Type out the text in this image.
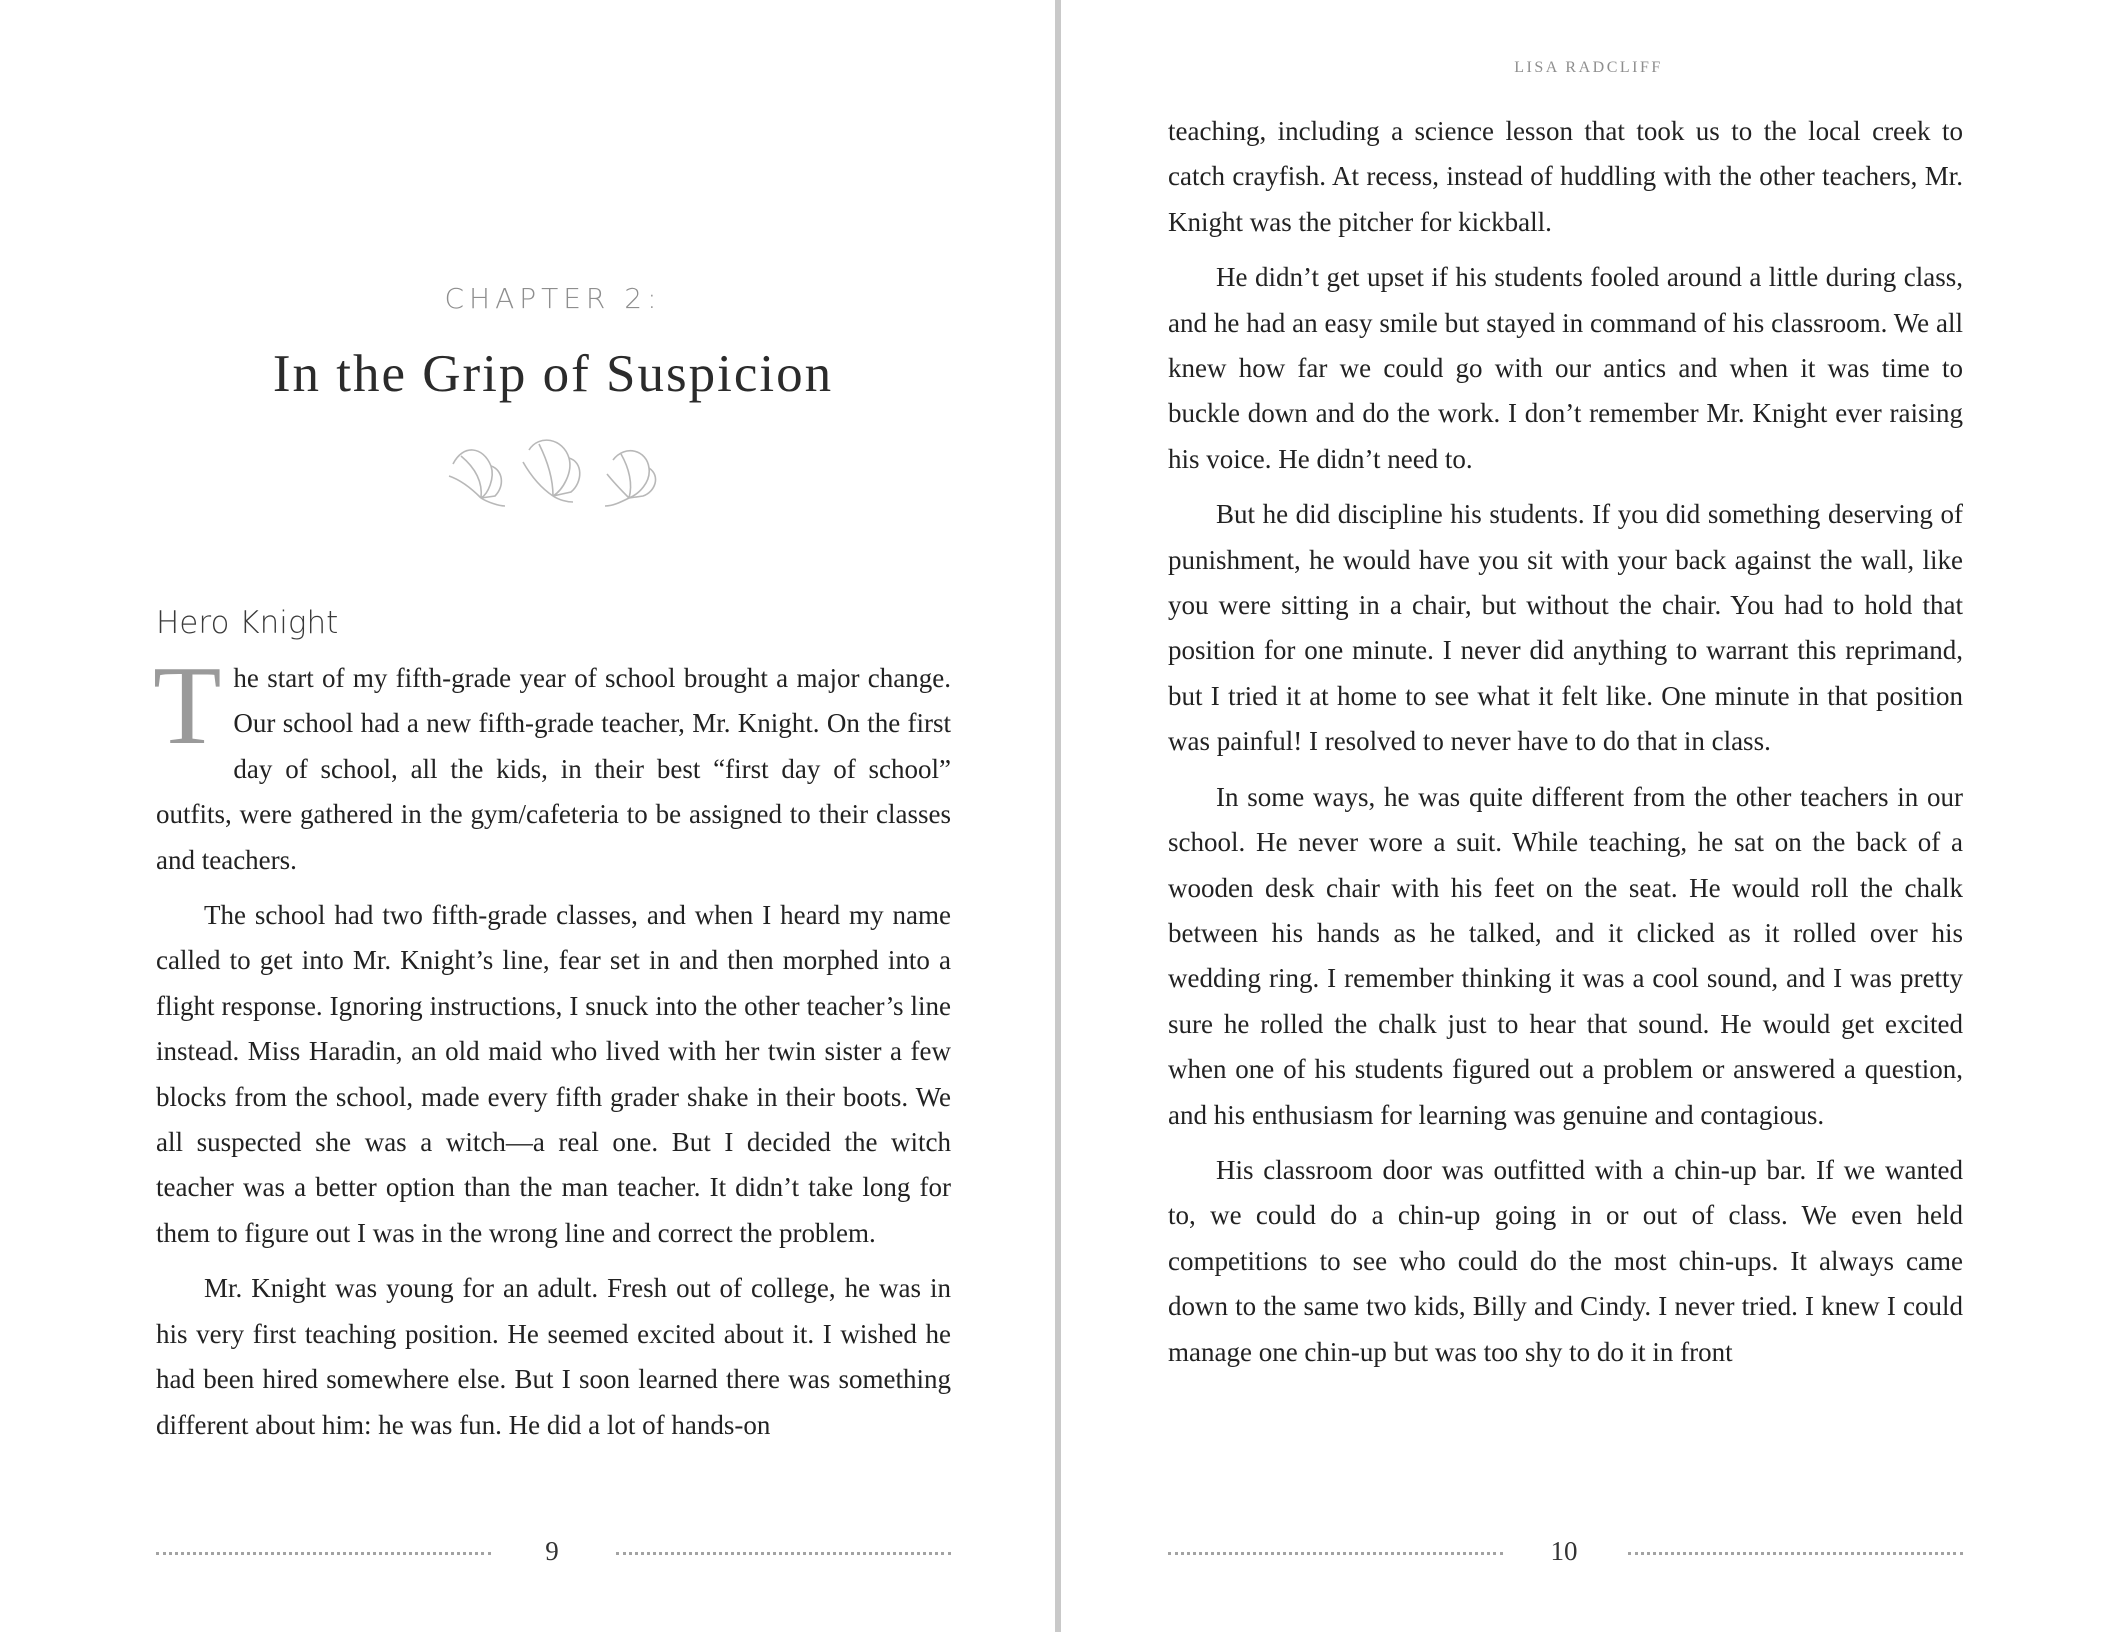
CHAPTER 2:
In the Grip of Suspicion
Hero Knight

The start of my fifth-grade year of school brought a major change. Our school had a new fifth-grade teacher, Mr. Knight. On the first day of school, all the kids, in their best “first day of school” outfits, were gathered in the gym/cafeteria to be assigned to their classes and teachers.

The school had two fifth-grade classes, and when I heard my name called to get into Mr. Knight’s line, fear set in and then morphed into a flight response. Ignoring instructions, I snuck into the other teacher’s line instead. Miss Haradin, an old maid who lived with her twin sister a few blocks from the school, made every fifth grader shake in their boots. We all suspected she was a witch—a real one. But I decided the witch teacher was a better option than the man teacher. It didn’t take long for them to figure out I was in the wrong line and correct the problem.

Mr. Knight was young for an adult. Fresh out of college, he was in his very first teaching position. He seemed excited about it. I wished he had been hired somewhere else. But I soon learned there was something different about him: he was fun. He did a lot of hands-on

9
LISA RADCLIFF

teaching, including a science lesson that took us to the local creek to catch crayfish. At recess, instead of huddling with the other teachers, Mr. Knight was the pitcher for kickball.

He didn’t get upset if his students fooled around a little during class, and he had an easy smile but stayed in command of his classroom. We all knew how far we could go with our antics and when it was time to buckle down and do the work. I don’t remember Mr. Knight ever raising his voice. He didn’t need to.

But he did discipline his students. If you did something deserving of punishment, he would have you sit with your back against the wall, like you were sitting in a chair, but without the chair. You had to hold that position for one minute. I never did anything to warrant this reprimand, but I tried it at home to see what it felt like. One minute in that position was painful! I resolved to never have to do that in class.

In some ways, he was quite different from the other teachers in our school. He never wore a suit. While teaching, he sat on the back of a wooden desk chair with his feet on the seat. He would roll the chalk between his hands as he talked, and it clicked as it rolled over his wedding ring. I remember thinking it was a cool sound, and I was pretty sure he rolled the chalk just to hear that sound. He would get excited when one of his students figured out a problem or answered a question, and his enthusiasm for learning was genuine and contagious.

His classroom door was outfitted with a chin-up bar. If we wanted to, we could do a chin-up going in or out of class. We even held competitions to see who could do the most chin-ups. It always came down to the same two kids, Billy and Cindy. I never tried. I knew I could manage one chin-up but was too shy to do it in front

10
